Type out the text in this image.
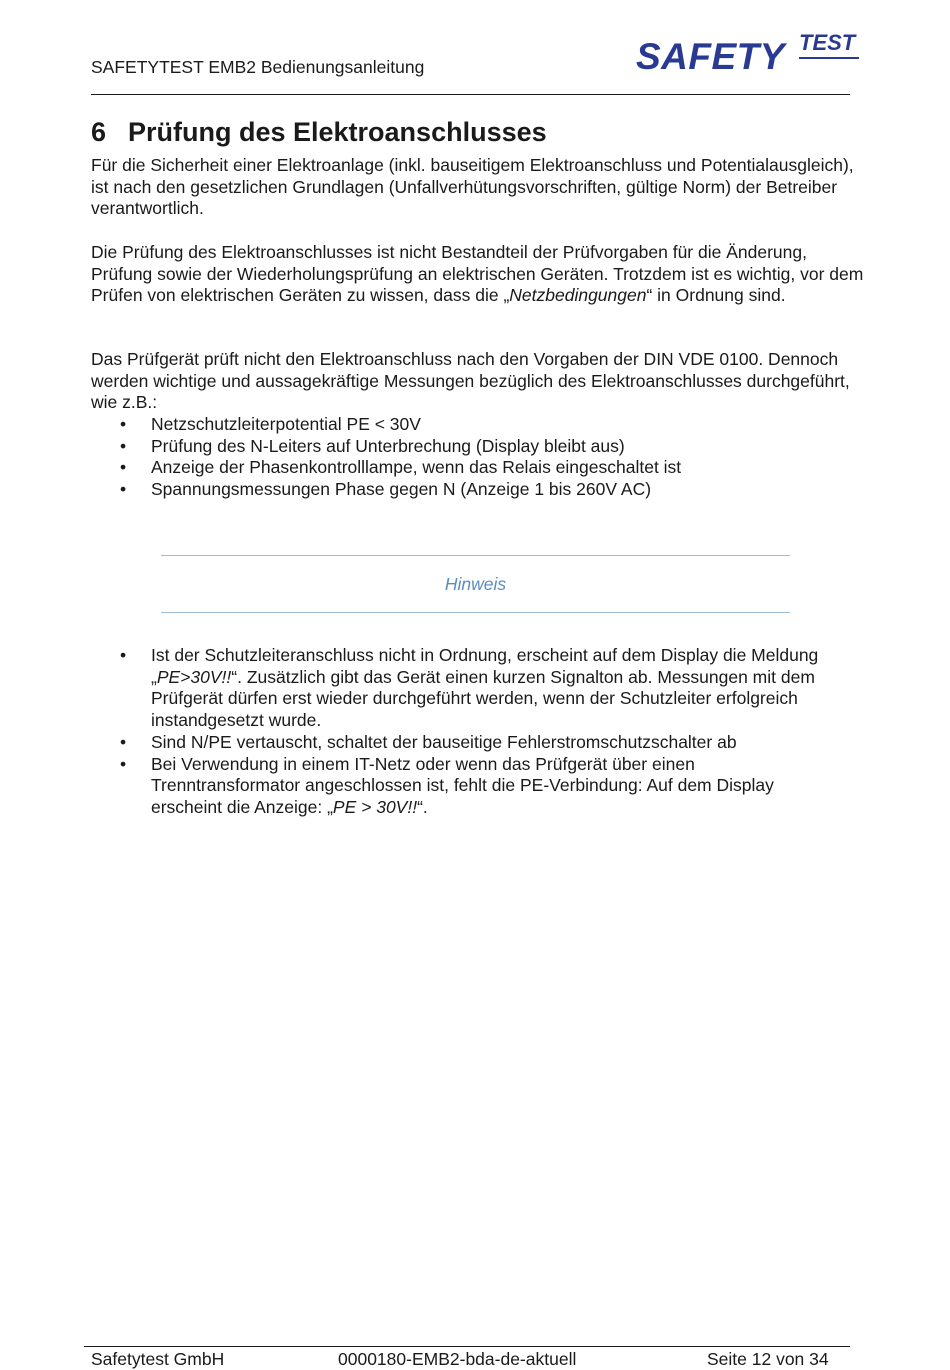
SAFETYTEST EMB2 Bedienungsanleitung	SAFETY TEST
6 Prüfung des Elektroanschlusses

Für die Sicherheit einer Elektroanlage (inkl. bauseitigem Elektroanschluss und Potentialausgleich), ist nach den gesetzlichen Grundlagen (Unfallverhütungsvorschriften, gültige Norm) der Betreiber verantwortlich.

Die Prüfung des Elektroanschlusses ist nicht Bestandteil der Prüfvorgaben für die Änderung, Prüfung sowie der Wiederholungsprüfung an elektrischen Geräten. Trotzdem ist es wichtig, vor dem Prüfen von elektrischen Geräten zu wissen, dass die „Netzbedingungen“ in Ordnung sind.

Das Prüfgerät prüft nicht den Elektroanschluss nach den Vorgaben der DIN VDE 0100. Dennoch werden wichtige und aussagekräftige Messungen bezüglich des Elektroanschlusses durchgeführt, wie z.B.:

• Netzschutzleiterpotential PE < 30V
• Prüfung des N-Leiters auf Unterbrechung (Display bleibt aus)
• Anzeige der Phasenkontrolllampe, wenn das Relais eingeschaltet ist
• Spannungsmessungen Phase gegen N (Anzeige 1 bis 260V AC)
Hinweis
• Ist der Schutzleiteranschluss nicht in Ordnung, erscheint auf dem Display die Meldung „PE>30V!!“. Zusätzlich gibt das Gerät einen kurzen Signalton ab. Messungen mit dem Prüfgerät dürfen erst wieder durchgeführt werden, wenn der Schutzleiter erfolgreich instandgesetzt wurde.
• Sind N/PE vertauscht, schaltet der bauseitige Fehlerstromschutzschalter ab
• Bei Verwendung in einem IT-Netz oder wenn das Prüfgerät über einen Trenntransformator angeschlossen ist, fehlt die PE-Verbindung: Auf dem Display erscheint die Anzeige: „PE > 30V!!“.
Safetytest GmbH	0000180-EMB2-bda-de-aktuell	Seite 12 von 34
